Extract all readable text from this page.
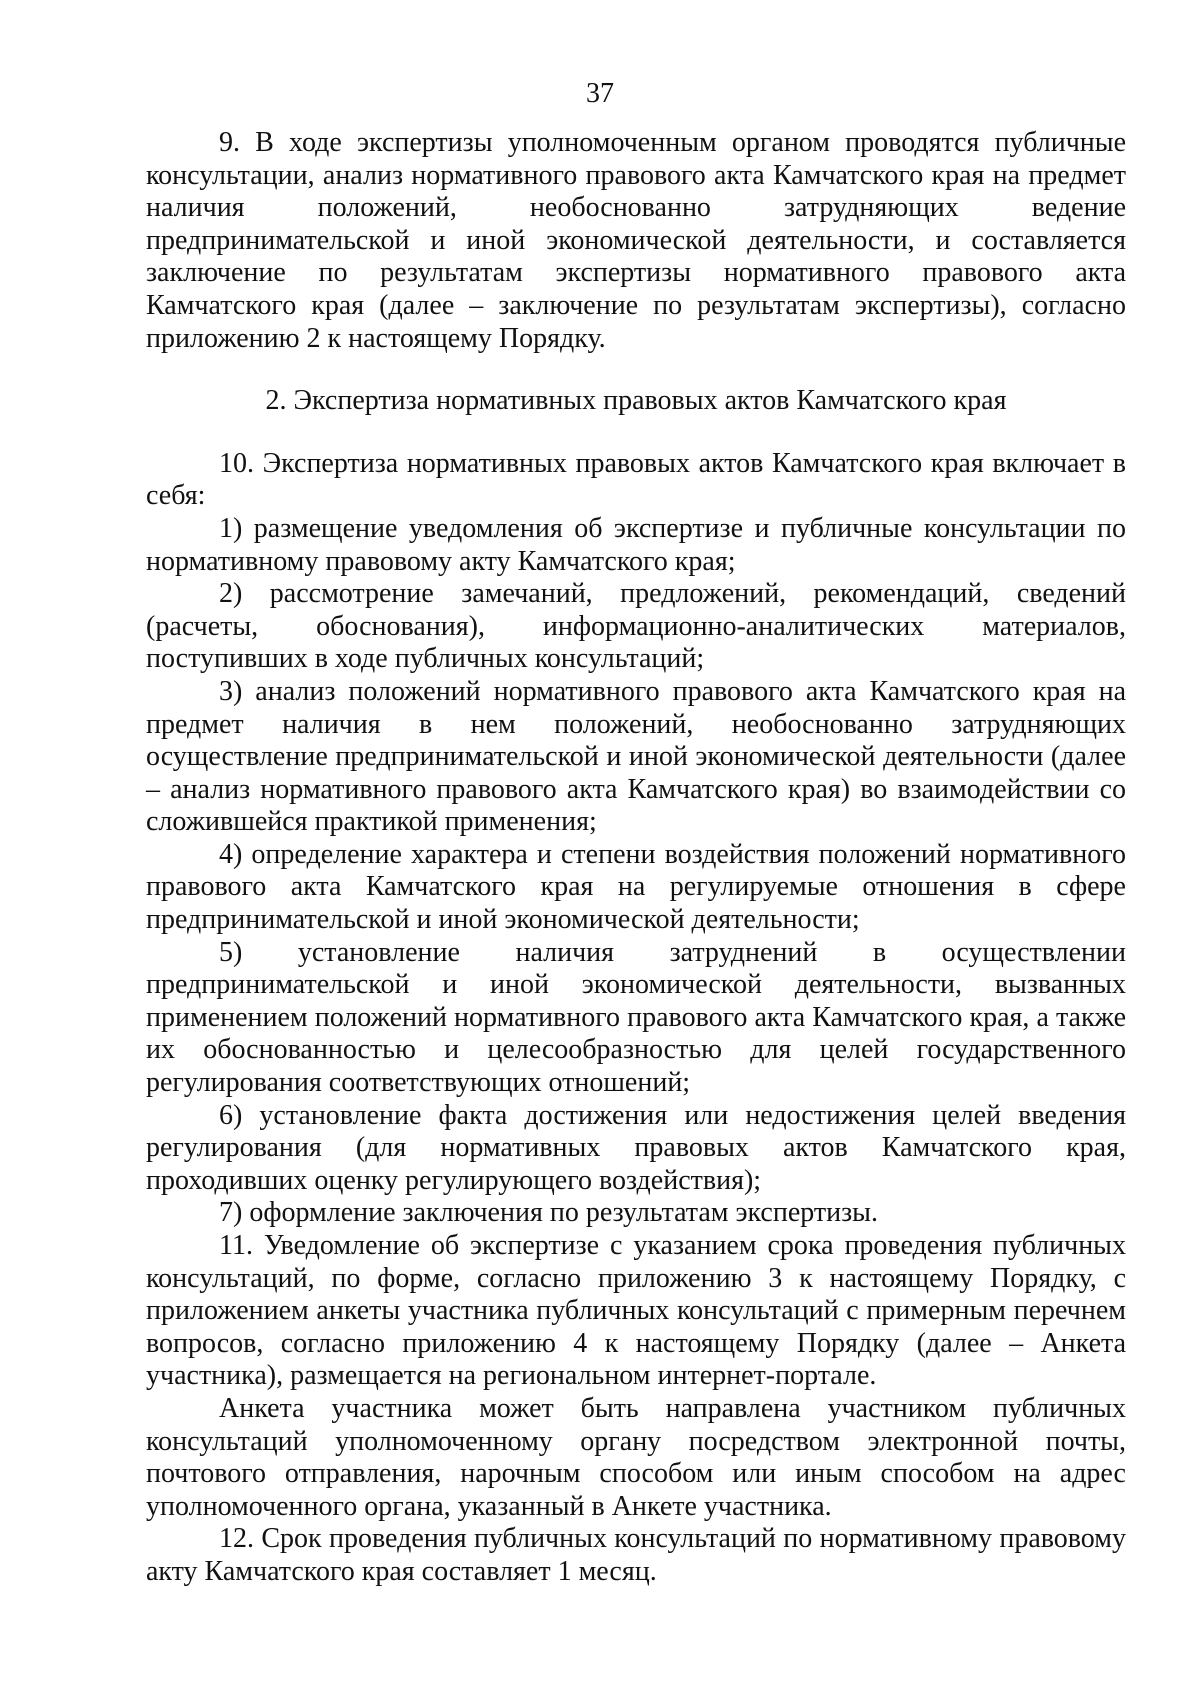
37

9. В ходе экспертизы уполномоченным органом проводятся публичные консультации, анализ нормативного правового акта Камчатского края на предмет наличия положений, необоснованно затрудняющих ведение предпринимательской и иной экономической деятельности, и составляется заключение по результатам экспертизы нормативного правового акта Камчатского края (далее – заключение по результатам экспертизы), согласно приложению 2 к настоящему Порядку.

2. Экспертиза нормативных правовых актов Камчатского края

10. Экспертиза нормативных правовых актов Камчатского края включает в себя:

1) размещение уведомления об экспертизе и публичные консультации по нормативному правовому акту Камчатского края;

2) рассмотрение замечаний, предложений, рекомендаций, сведений (расчеты, обоснования), информационно-аналитических материалов, поступивших в ходе публичных консультаций;

3) анализ положений нормативного правового акта Камчатского края на предмет наличия в нем положений, необоснованно затрудняющих осуществление предпринимательской и иной экономической деятельности (далее – анализ нормативного правового акта Камчатского края) во взаимодействии со сложившейся практикой применения;

4) определение характера и степени воздействия положений нормативного правового акта Камчатского края на регулируемые отношения в сфере предпринимательской и иной экономической деятельности;

5) установление наличия затруднений в осуществлении предпринимательской и иной экономической деятельности, вызванных применением положений нормативного правового акта Камчатского края, а также их обоснованностью и целесообразностью для целей государственного регулирования соответствующих отношений;

6) установление факта достижения или недостижения целей введения регулирования (для нормативных правовых актов Камчатского края, проходивших оценку регулирующего воздействия);

7) оформление заключения по результатам экспертизы.

11. Уведомление об экспертизе с указанием срока проведения публичных консультаций, по форме, согласно приложению 3 к настоящему Порядку, с приложением анкеты участника публичных консультаций с примерным перечнем вопросов, согласно приложению 4 к настоящему Порядку (далее – Анкета участника), размещается на региональном интернет-портале.

Анкета участника может быть направлена участником публичных консультаций уполномоченному органу посредством электронной почты, почтового отправления, нарочным способом или иным способом на адрес уполномоченного органа, указанный в Анкете участника.

12. Срок проведения публичных консультаций по нормативному правовому акту Камчатского края составляет 1 месяц.
